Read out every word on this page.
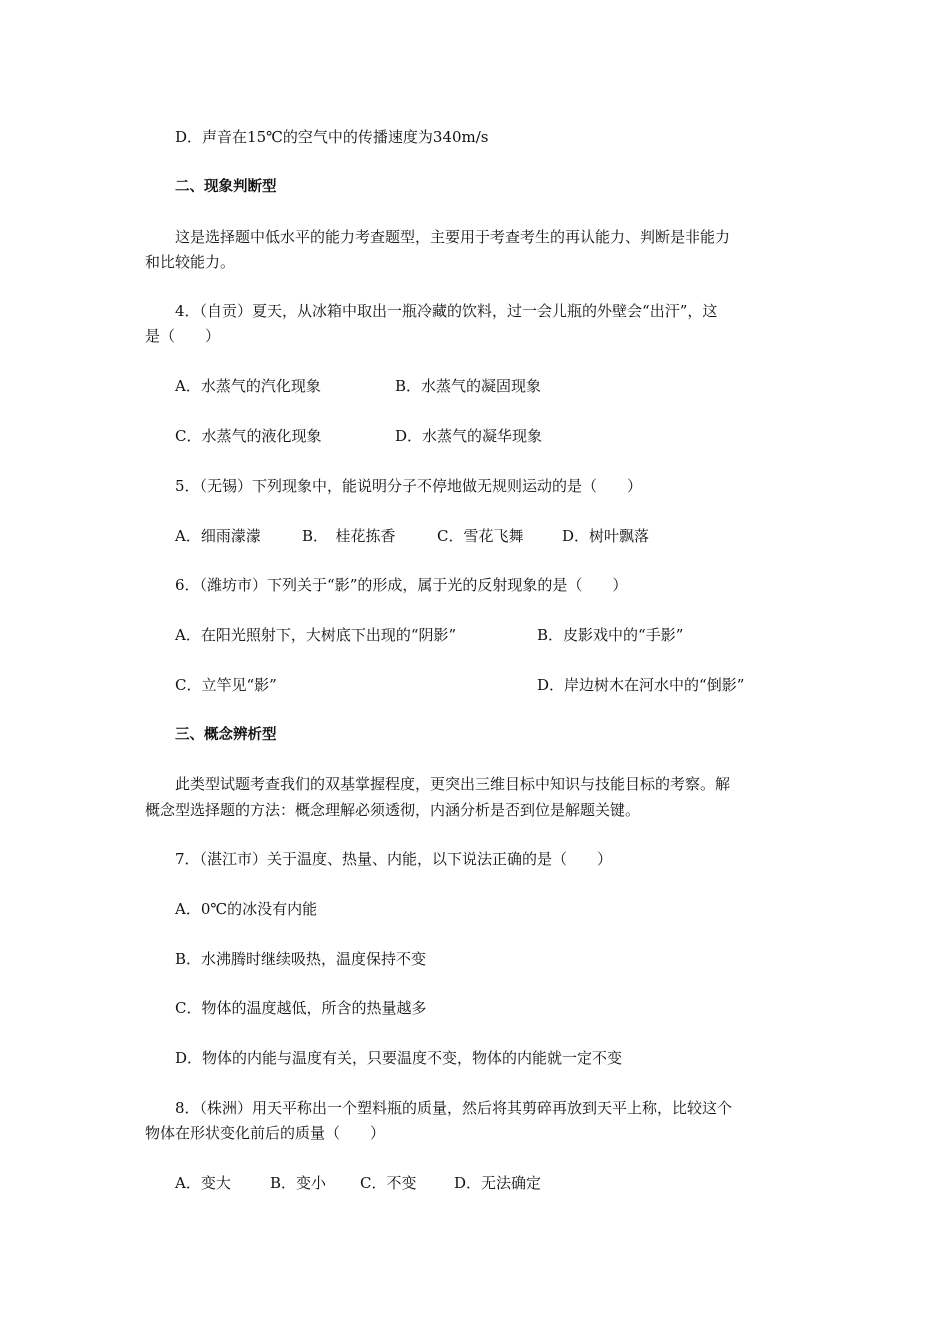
D．声音在15℃的空气中的传播速度为340m/s
二、现象判断型
这是选择题中低水平的能力考查题型，主要用于考查考生的再认能力、判断是非能力
和比较能力。
4．（自贡）夏天，从冰箱中取出一瓶冷藏的饮料，过一会儿瓶的外壁会“出汗”，这
是（　　）
A．水蒸气的汽化现象	B．水蒸气的凝固现象
C．水蒸气的液化现象	D．水蒸气的凝华现象
5．（无锡）下列现象中，能说明分子不停地做无规则运动的是（　　）
A．细雨濛濛	B．　桂花拣香	C．雪花飞舞	D．树叶飘落
6．（潍坊市）下列关于“影”的形成，属于光的反射现象的是（　　）
A．在阳光照射下，大树底下出现的“阴影”	B．皮影戏中的“手影”
C．立竿见“影”	D．岸边树木在河水中的“倒影”
三、概念辨析型
此类型试题考查我们的双基掌握程度，更突出三维目标中知识与技能目标的考察。解
概念型选择题的方法：概念理解必须透彻，内涵分析是否到位是解题关键。
7．（湛江市）关于温度、热量、内能，以下说法正确的是（　　）
A．0℃的冰没有内能
B．水沸腾时继续吸热，温度保持不变
C．物体的温度越低，所含的热量越多
D．物体的内能与温度有关，只要温度不变，物体的内能就一定不变
8．（株洲）用天平称出一个塑料瓶的质量，然后将其剪碎再放到天平上称，比较这个
物体在形状变化前后的质量（　　）
A．变大	B．变小 C．不变	D．无法确定
